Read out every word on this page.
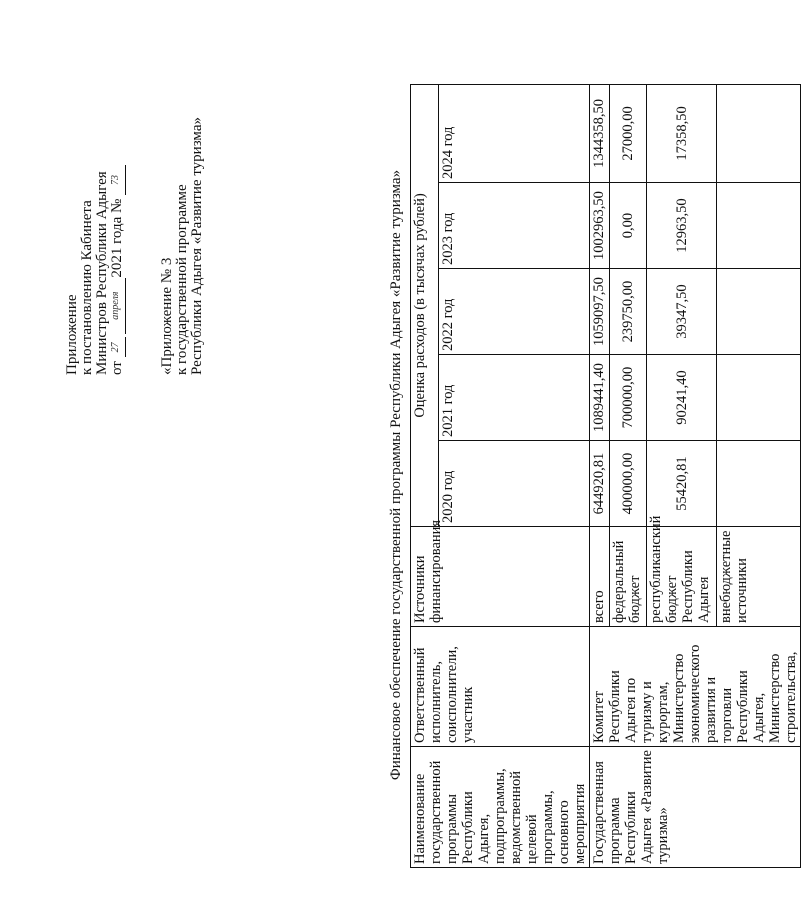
Приложение к постановлению Кабинета Министров Республики Адыгея от
27

апреля
2021 года №
73

«Приложение № 3 к государственной программе Республики Адыгея «Развитие туризма»	Финансовое обеспечение государственной программы Республики Адыгея «Развитие туризма»
Наименование государственной программы Республики Адыгея, подпрограммы, ведомственной целевой программы, основного мероприятия	Ответственный исполнитель, соисполнители, участник	Источники финансирования	Оценка расходов (в тысячах рублей)				
			2020 год	2021 год	2022 год	2023 год	2024 год
Государственная программа Республики Адыгея «Развитие туризма»	Комитет Республики Адыгея по туризму и курортам, Министерство экономического развития и торговли Республики Адыгея, Министерство строительства,	всего	644920,81	1089441,40	1059097,50	1002963,50	1344358,50
		федеральный бюджет	400000,00	700000,00	239750,00	0,00	27000,00
		республиканский бюджет Республики Адыгея	55420,81	90241,40	39347,50	12963,50	17358,50
		внебюджетные источники					
